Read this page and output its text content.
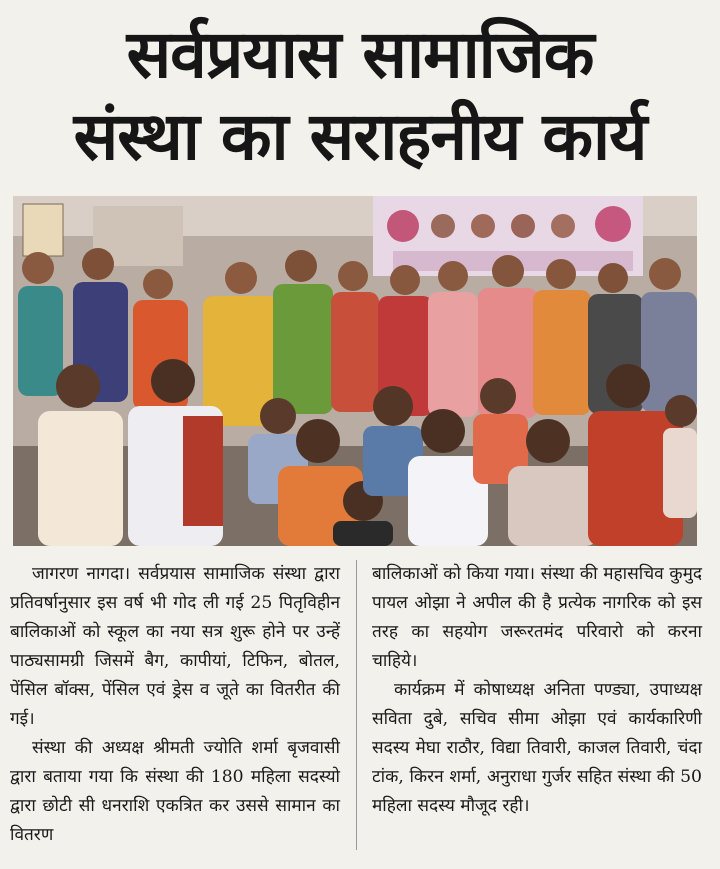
सर्वप्रयास सामाजिक
संस्था का सराहनीय कार्य

जागरण नागदा। सर्वप्रयास सामाजिक संस्था द्वारा प्रतिवर्षानुसार इस वर्ष भी गोद ली गई 25 पितृविहीन बालिकाओं को स्कूल का नया सत्र शुरू होने पर उन्हें पाठ्यसामग्री जिसमें बैग, कापीयां, टिफिन, बोतल, पेंसिल बॉक्स, पेंसिल एवं ड्रेस व जूते का वितरीत की गई।

संस्था की अध्यक्ष श्रीमती ज्योति शर्मा बृजवासी द्वारा बताया गया कि संस्था की 180 महिला सदस्यो द्वारा छोटी सी धनराशि एकत्रित कर उससे सामान का वितरण

बालिकाओं को किया गया। संस्था की महासचिव कुमुद पायल ओझा ने अपील की है प्रत्येक नागरिक को इस तरह का सहयोग जरूरतमंद परिवारो को करना चाहिये।

कार्यक्रम में कोषाध्यक्ष अनिता पण्ड्या, उपाध्यक्ष सविता दुबे, सचिव सीमा ओझा एवं कार्यकारिणी सदस्य मेघा राठौर, विद्या तिवारी, काजल तिवारी, चंदा टांक, किरन शर्मा, अनुराधा गुर्जर सहित संस्था की 50 महिला सदस्य मौजूद रही।
